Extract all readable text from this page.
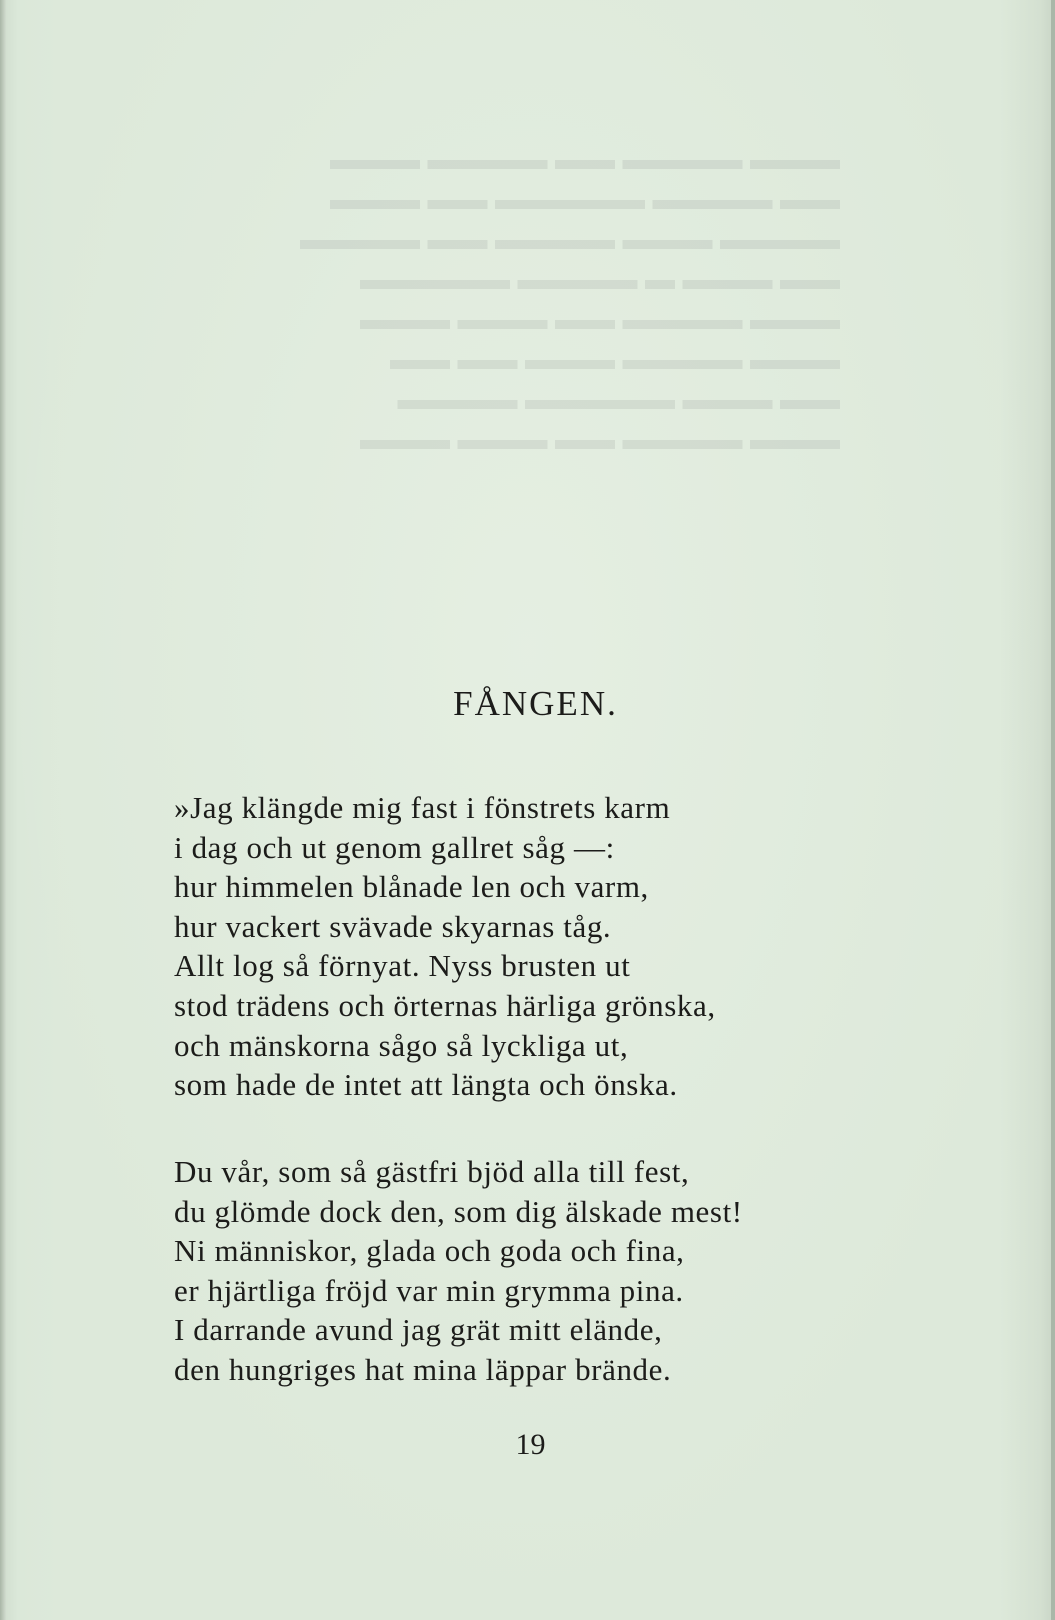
▬▬▬ ▬▬▬▬ ▬▬ ▬▬▬▬ ▬▬▬
▬▬ ▬▬▬▬ ▬▬▬▬▬ ▬▬ ▬▬▬
▬▬▬▬ ▬▬▬ ▬▬▬▬ ▬▬ ▬▬▬▬
▬▬ ▬▬▬ ▬ ▬▬▬▬ ▬▬▬▬▬
▬▬▬ ▬▬▬▬ ▬▬ ▬▬▬ ▬▬▬
▬▬▬ ▬▬▬▬ ▬▬▬ ▬▬ ▬▬
▬▬ ▬▬▬ ▬▬▬▬▬ ▬▬▬▬
▬▬▬ ▬▬▬▬ ▬▬ ▬▬▬ ▬▬▬
FÅNGEN.
»Jag klängde mig fast i fönstrets karm
i dag och ut genom gallret såg —:
hur himmelen blånade len och varm,
hur vackert svävade skyarnas tåg.
Allt log så förnyat. Nyss brusten ut
stod trädens och örternas härliga grönska,
och mänskorna sågo så lyckliga ut,
som hade de intet att längta och önska.
Du vår, som så gästfri bjöd alla till fest,
du glömde dock den, som dig älskade mest!
Ni människor, glada och goda och fina,
er hjärtliga fröjd var min grymma pina.
I darrande avund jag grät mitt elände,
den hungriges hat mina läppar brände.
19
